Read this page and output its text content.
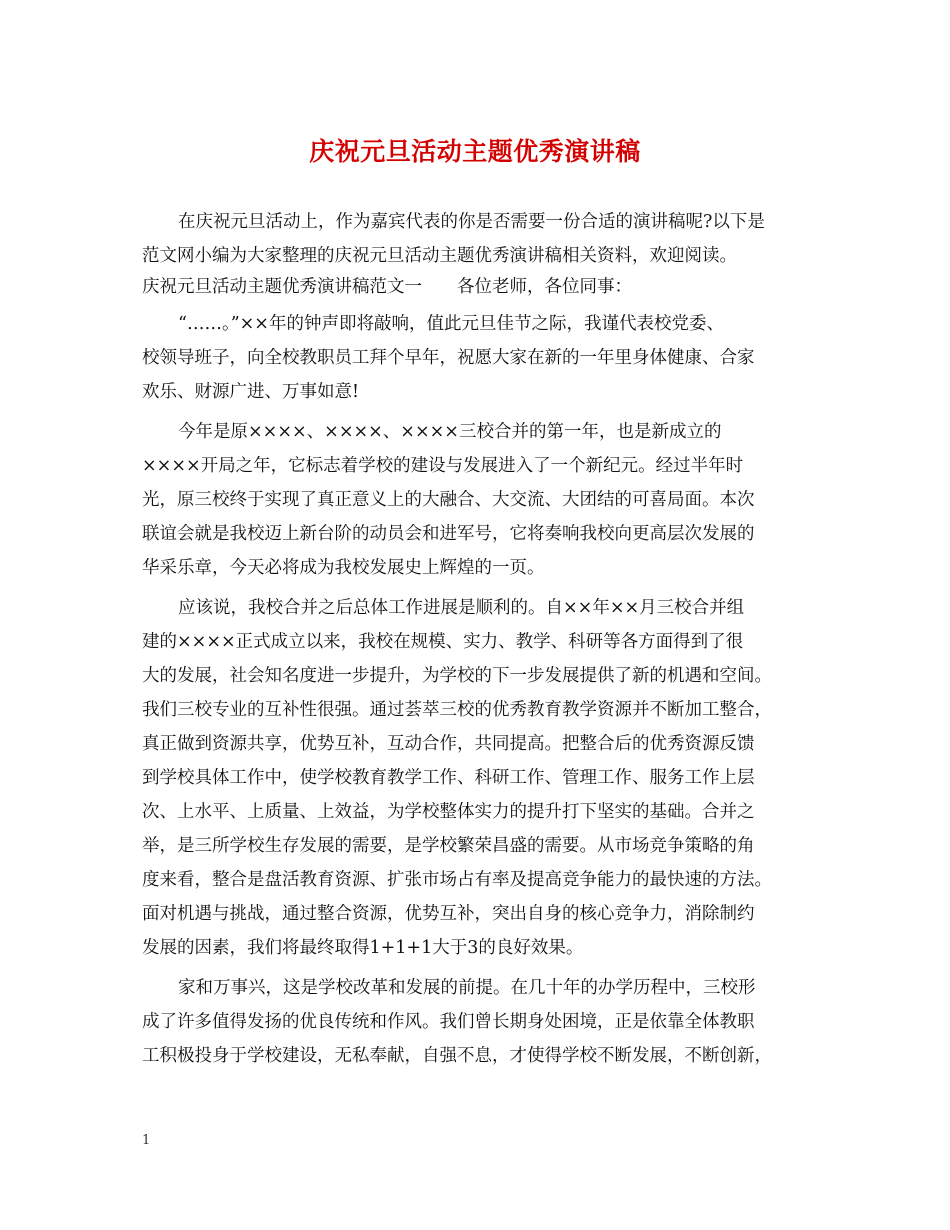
庆祝元旦活动主题优秀演讲稿
在庆祝元旦活动上，作为嘉宾代表的你是否需要一份合适的演讲稿呢?以下是
范文网小编为大家整理的庆祝元旦活动主题优秀演讲稿相关资料，欢迎阅读。
庆祝元旦活动主题优秀演讲稿范文一　　各位老师，各位同事：
“……。”××年的钟声即将敲响，值此元旦佳节之际，我谨代表校党委、
校领导班子，向全校教职员工拜个早年，祝愿大家在新的一年里身体健康、合家
欢乐、财源广进、万事如意!
今年是原××××、××××、××××三校合并的第一年，也是新成立的
××××开局之年，它标志着学校的建设与发展进入了一个新纪元。经过半年时
光，原三校终于实现了真正意义上的大融合、大交流、大团结的可喜局面。本次
联谊会就是我校迈上新台阶的动员会和进军号，它将奏响我校向更高层次发展的
华采乐章，今天必将成为我校发展史上辉煌的一页。
应该说，我校合并之后总体工作进展是顺利的。自××年××月三校合并组
建的××××正式成立以来，我校在规模、实力、教学、科研等各方面得到了很
大的发展，社会知名度进一步提升，为学校的下一步发展提供了新的机遇和空间。
我们三校专业的互补性很强。通过荟萃三校的优秀教育教学资源并不断加工整合，
真正做到资源共享，优势互补，互动合作，共同提高。把整合后的优秀资源反馈
到学校具体工作中，使学校教育教学工作、科研工作、管理工作、服务工作上层
次、上水平、上质量、上效益，为学校整体实力的提升打下坚实的基础。合并之
举，是三所学校生存发展的需要，是学校繁荣昌盛的需要。从市场竞争策略的角
度来看，整合是盘活教育资源、扩张市场占有率及提高竞争能力的最快速的方法。
面对机遇与挑战，通过整合资源，优势互补，突出自身的核心竞争力，消除制约
发展的因素，我们将最终取得1+1+1大于3的良好效果。
家和万事兴，这是学校改革和发展的前提。在几十年的办学历程中，三校形
成了许多值得发扬的优良传统和作风。我们曾长期身处困境，正是依靠全体教职
工积极投身于学校建设，无私奉献，自强不息，才使得学校不断发展，不断创新，
1
